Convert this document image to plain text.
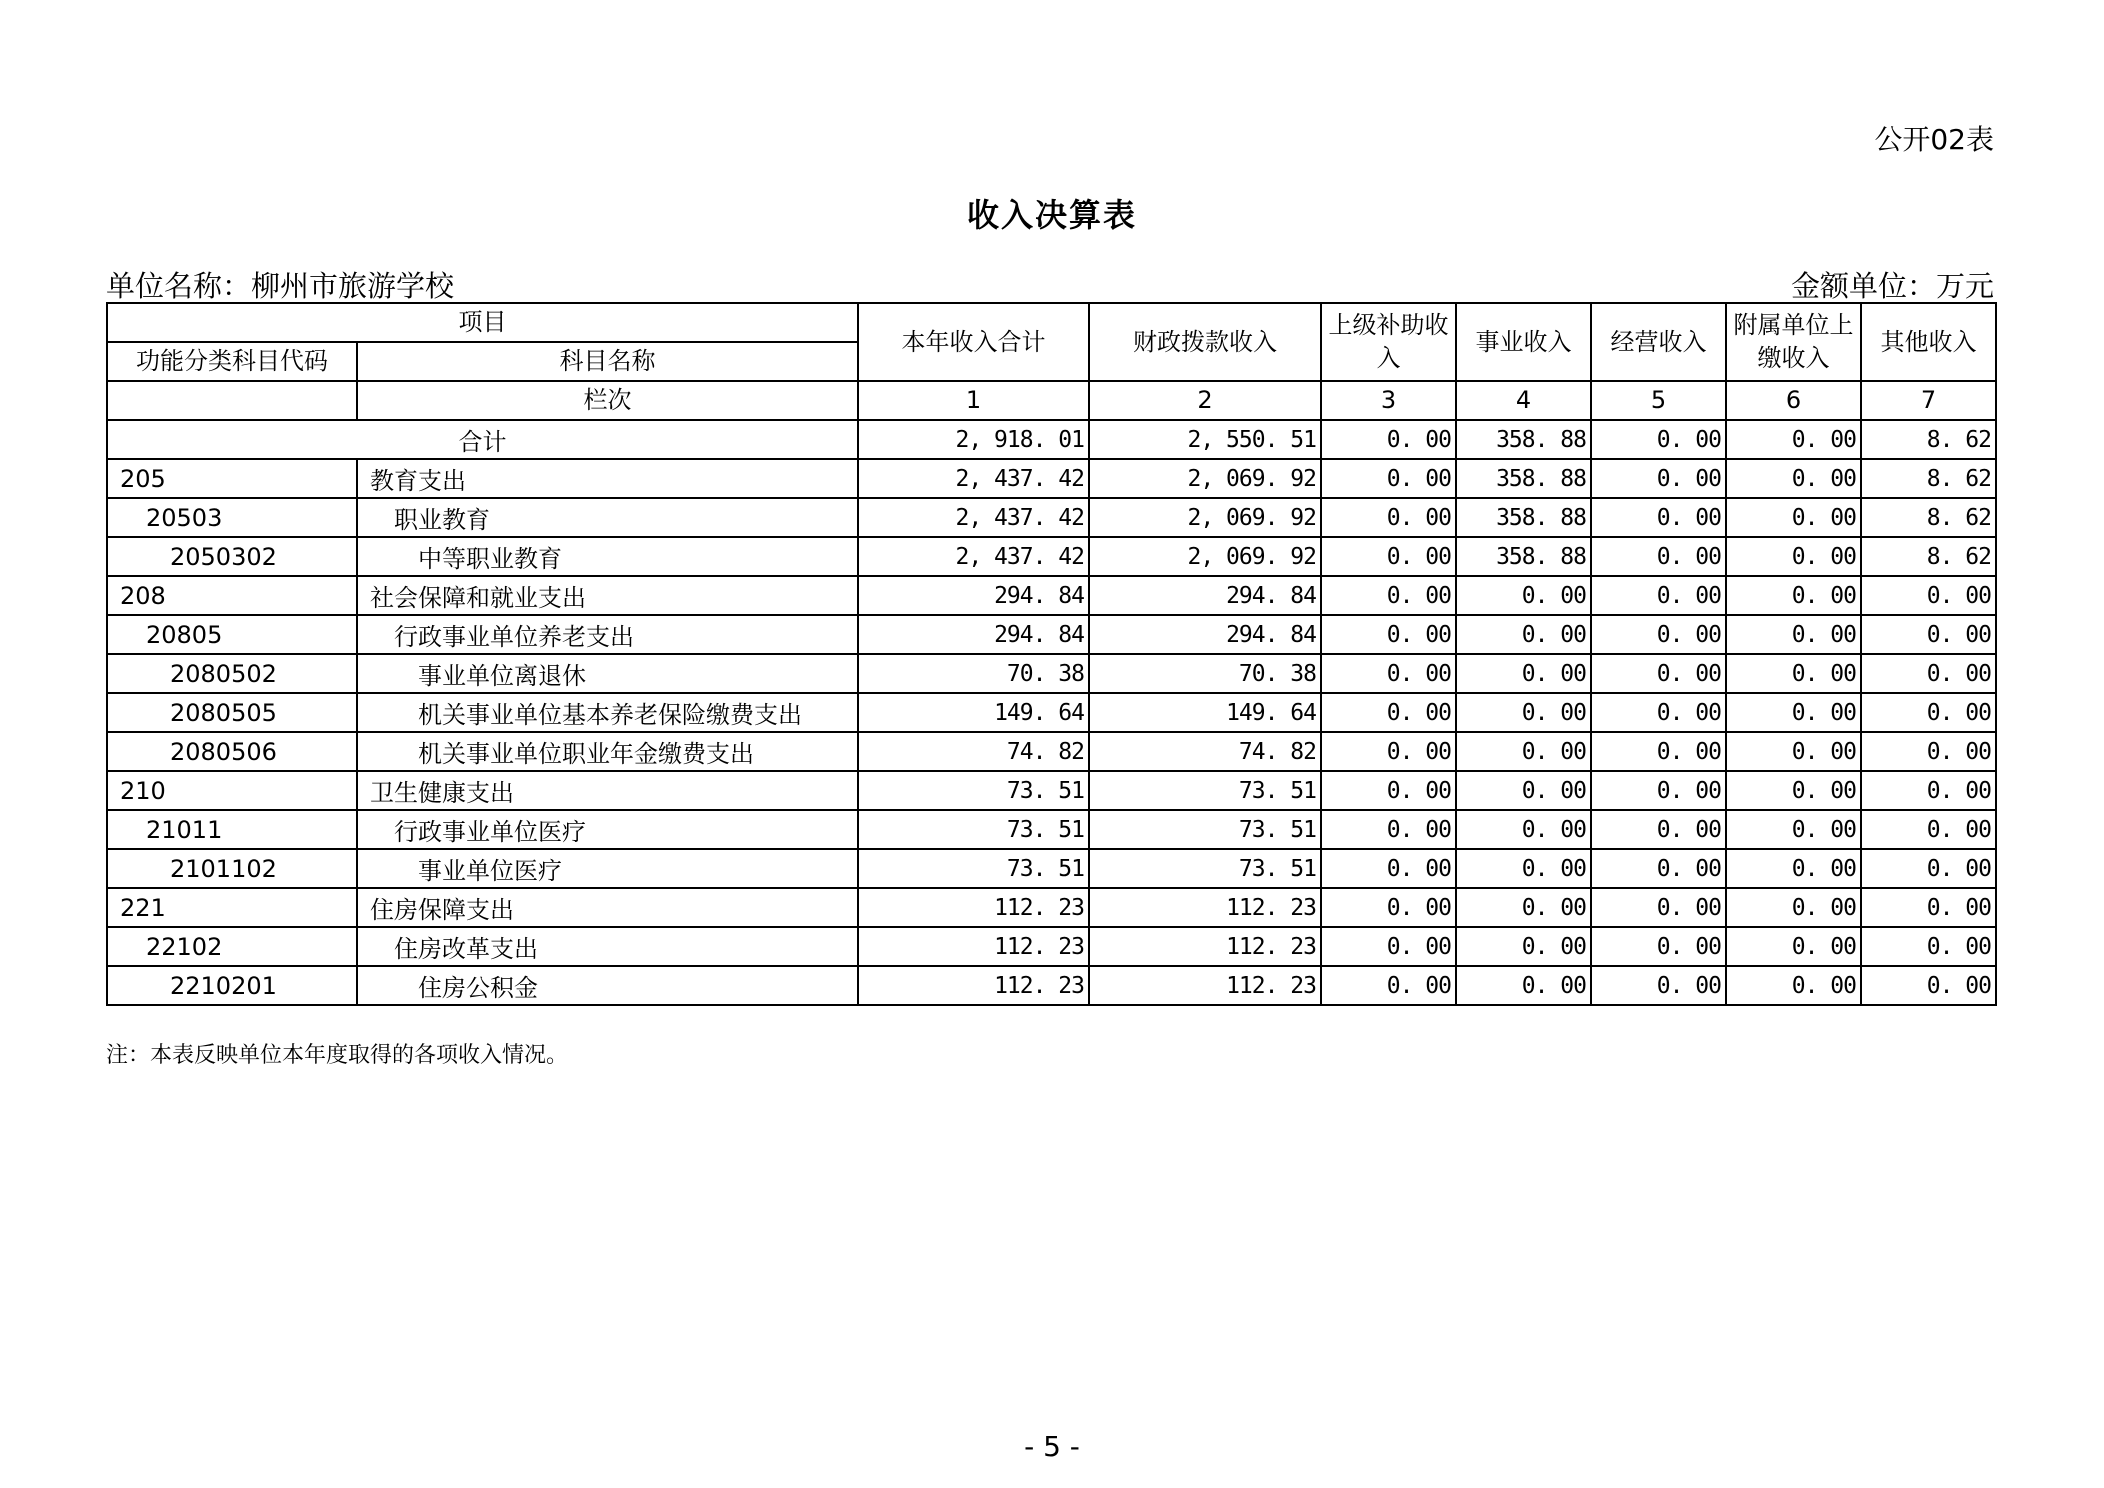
公开02表
收入决算表
单位名称：柳州市旅游学校	金额单位：万元
项目		本年收入合计	财政拨款收入	上级补助收入	事业收入	经营收入	附属单位上缴收入	其他收入
功能分类科目代码	科目名称							
	栏次	1	2	3	4	5	6	7
合计		2, 918. 01	2, 550. 51	0. 00	358. 88	0. 00	0. 00	8. 62
205	教育支出	2, 437. 42	2, 069. 92	0. 00	358. 88	0. 00	0. 00	8. 62
20503	职业教育	2, 437. 42	2, 069. 92	0. 00	358. 88	0. 00	0. 00	8. 62
2050302	中等职业教育	2, 437. 42	2, 069. 92	0. 00	358. 88	0. 00	0. 00	8. 62
208	社会保障和就业支出	294. 84	294. 84	0. 00	0. 00	0. 00	0. 00	0. 00
20805	行政事业单位养老支出	294. 84	294. 84	0. 00	0. 00	0. 00	0. 00	0. 00
2080502	事业单位离退休	70. 38	70. 38	0. 00	0. 00	0. 00	0. 00	0. 00
2080505	机关事业单位基本养老保险缴费支出	149. 64	149. 64	0. 00	0. 00	0. 00	0. 00	0. 00
2080506	机关事业单位职业年金缴费支出	74. 82	74. 82	0. 00	0. 00	0. 00	0. 00	0. 00
210	卫生健康支出	73. 51	73. 51	0. 00	0. 00	0. 00	0. 00	0. 00
21011	行政事业单位医疗	73. 51	73. 51	0. 00	0. 00	0. 00	0. 00	0. 00
2101102	事业单位医疗	73. 51	73. 51	0. 00	0. 00	0. 00	0. 00	0. 00
221	住房保障支出	112. 23	112. 23	0. 00	0. 00	0. 00	0. 00	0. 00
22102	住房改革支出	112. 23	112. 23	0. 00	0. 00	0. 00	0. 00	0. 00
2210201	住房公积金	112. 23	112. 23	0. 00	0. 00	0. 00	0. 00	0. 00
注：本表反映单位本年度取得的各项收入情况。
- 5 -
